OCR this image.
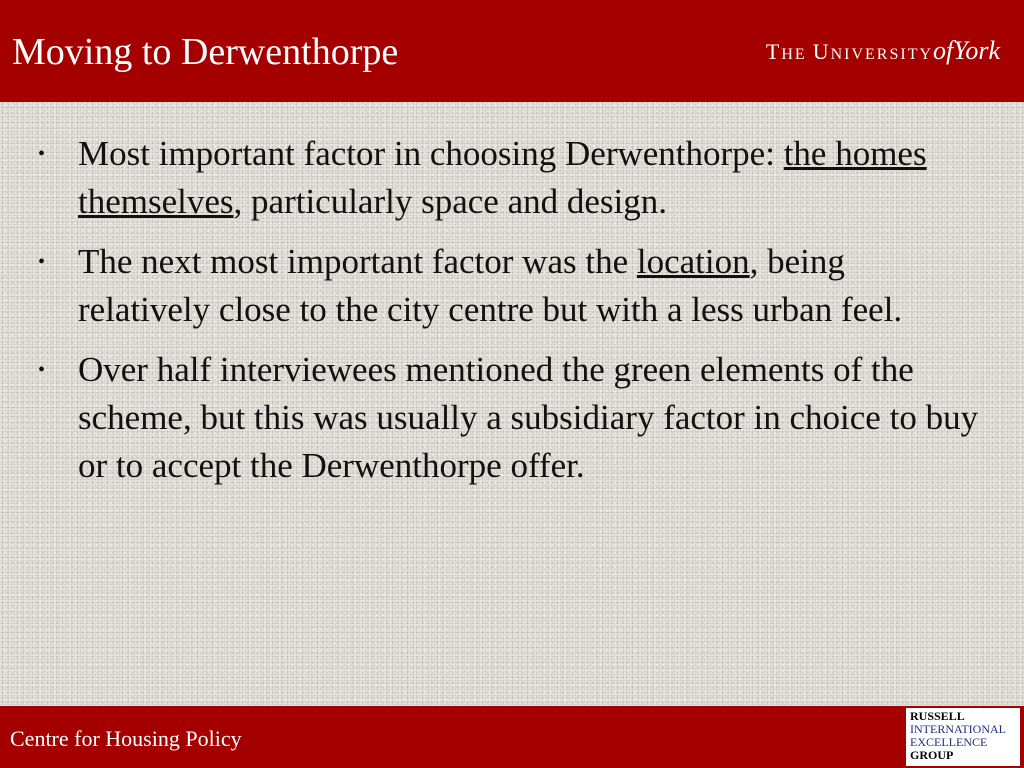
Moving to Derwenthorpe	THE UNIVERSITYofYork
• Most important factor in choosing Derwenthorpe: the homes themselves, particularly space and design.
• The next most important factor was the location, being relatively close to the city centre but with a less urban feel.
• Over half interviewees mentioned the green elements of the scheme, but this was usually a subsidiary factor in choice to buy or to accept the Derwenthorpe offer.
Centre for Housing Policy
RUSSELL
INTERNATIONAL
EXCELLENCE
GROUP
